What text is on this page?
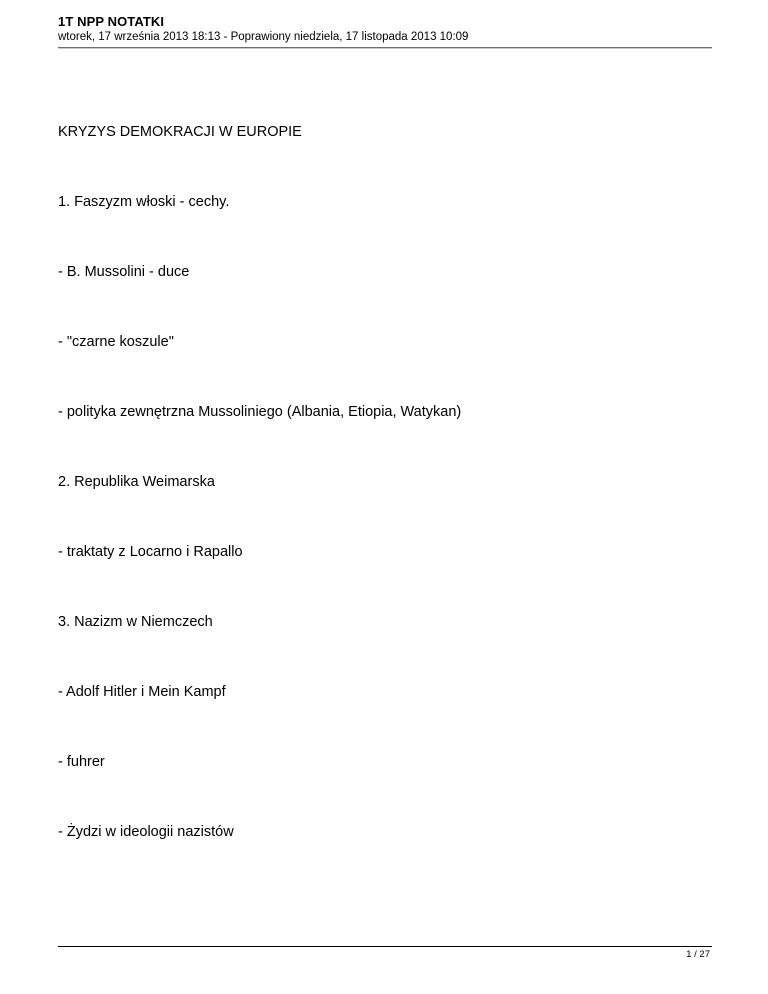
1T NPP NOTATKI
wtorek, 17 września 2013 18:13 - Poprawiony niedziela, 17 listopada 2013 10:09
KRYZYS DEMOKRACJI W EUROPIE
1. Faszyzm włoski - cechy.
- B. Mussolini - duce
- "czarne koszule"
- polityka zewnętrzna Mussoliniego (Albania, Etiopia, Watykan)
2. Republika Weimarska
- traktaty z Locarno i Rapallo
3. Nazizm w Niemczech
- Adolf Hitler i Mein Kampf
- fuhrer
- Żydzi w ideologii nazistów
1 / 27
